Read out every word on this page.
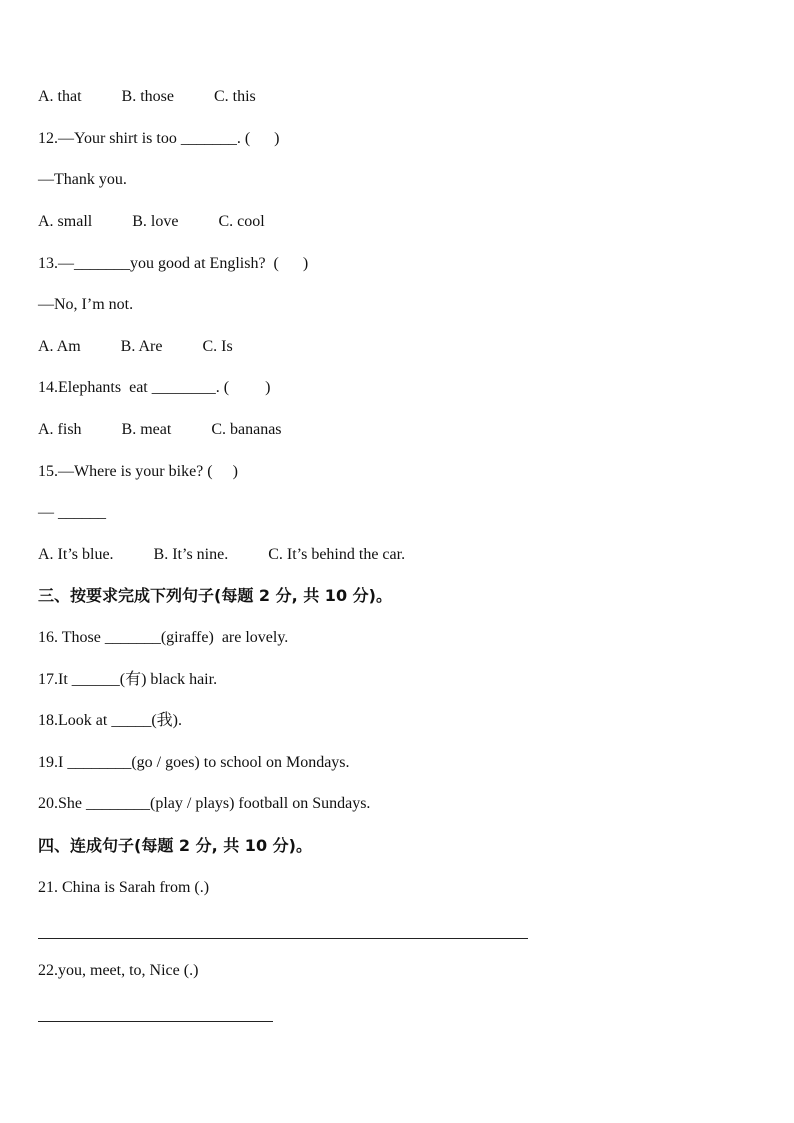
A. that          B. those          C. this
12.—Your shirt is too _______. (      )
—Thank you.
A. small          B. love          C. cool
13.—_______you good at English?  (      )
—No, I’m not.
A. Am          B. Are          C. Is
14.Elephants  eat ________. (         )
A. fish          B. meat          C. bananas
15.—Where is your bike? (     )
— ______
A. It’s blue.          B. It’s nine.          C. It’s behind the car.
三、按要求完成下列句子(每题 2 分, 共 10 分)。
16. Those _______(giraffe)  are lovely.
17.It ______(有) black hair.
18.Look at _____(我).
19.I ________(go / goes) to school on Mondays.
20.She ________(play / plays) football on Sundays.
四、连成句子(每题 2 分, 共 10 分)。
21. China is Sarah from (.)
22.you, meet, to, Nice (.)
